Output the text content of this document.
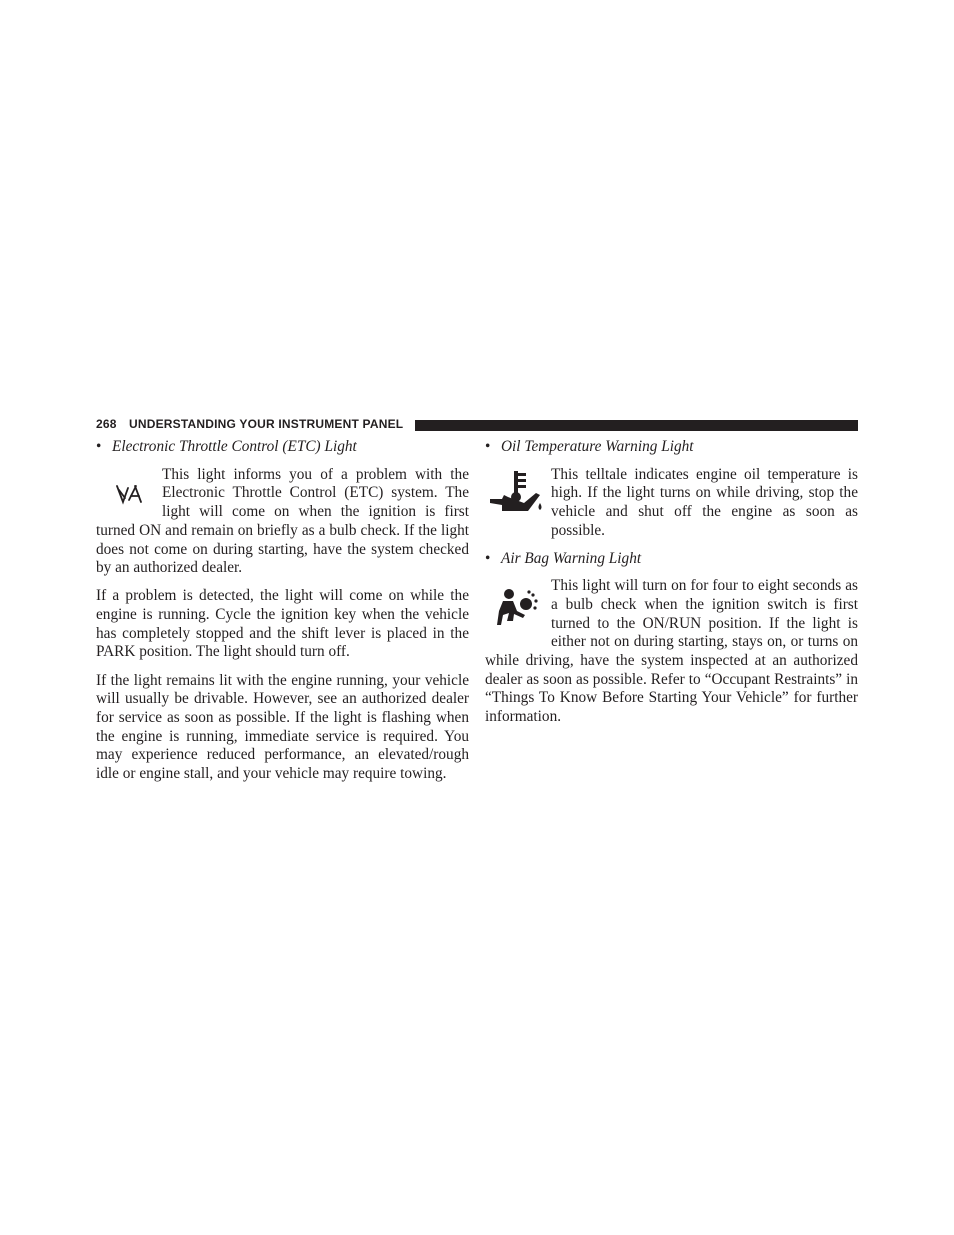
268 UNDERSTANDING YOUR INSTRUMENT PANEL
• Electronic Throttle Control (ETC) Light

This light informs you of a problem with the Electronic Throttle Control (ETC) system. The light will come on when the ignition is first turned ON and remain on briefly as a bulb check. If the light does not come on during starting, have the system checked by an authorized dealer.

If a problem is detected, the light will come on while the engine is running. Cycle the ignition key when the vehicle has completely stopped and the shift lever is placed in the PARK position. The light should turn off.

If the light remains lit with the engine running, your vehicle will usually be drivable. However, see an authorized dealer for service as soon as possible. If the light is flashing when the engine is running, immediate service is required. You may experience reduced performance, an elevated/rough idle or engine stall, and your vehicle may require towing.

• Oil Temperature Warning Light

This telltale indicates engine oil temperature is high. If the light turns on while driving, stop the vehicle and shut off the engine as soon as possible.

• Air Bag Warning Light

This light will turn on for four to eight seconds as a bulb check when the ignition switch is first turned to the ON/RUN position. If the light is either not on during starting, stays on, or turns on while driving, have the system inspected at an authorized dealer as soon as possible. Refer to “Occupant Restraints” in “Things To Know Before Starting Your Vehicle” for further information.
